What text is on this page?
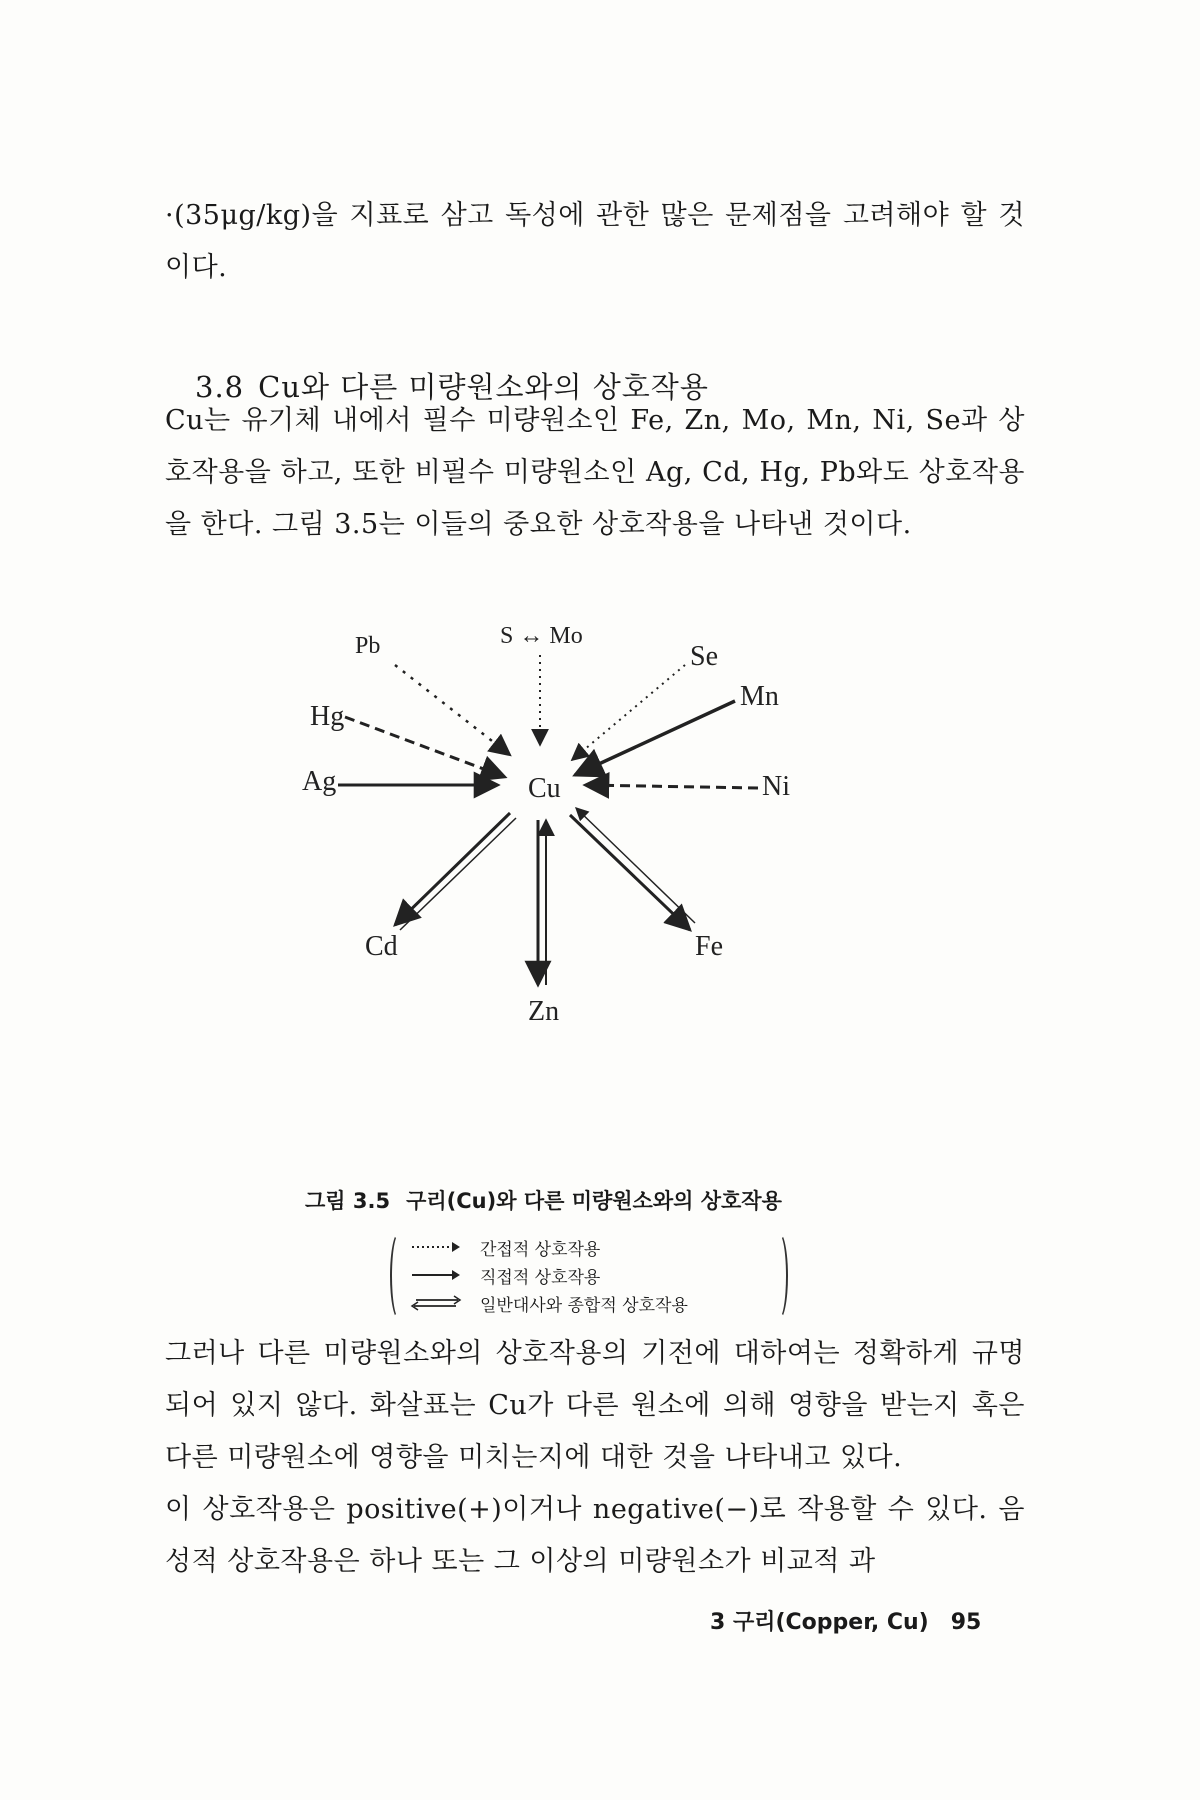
·(35μg/kg)을 지표로 삼고 독성에 관한 많은 문제점을 고려해야 할 것이다.
3.8 Cu와 다른 미량원소와의 상호작용
Cu는 유기체 내에서 필수 미량원소인 Fe, Zn, Mo, Mn, Ni, Se과 상호작용을 하고, 또한 비필수 미량원소인 Ag, Cd, Hg, Pb와도 상호작용을 한다. 그림 3.5는 이들의 중요한 상호작용을 나타낸 것이다.
Cu
S ↔ Mo
Pb	Se
Hg
Mn
Ag	Ni
Cd
Zn
Fe
그림 3.5 구리(Cu)와 다른 미량원소와의 상호작용
간접적 상호작용
직접적 상호작용
일반대사와 종합적 상호작용
그러나 다른 미량원소와의 상호작용의 기전에 대하여는 정확하게 규명되어 있지 않다. 화살표는 Cu가 다른 원소에 의해 영향을 받는지 혹은 다른 미량원소에 영향을 미치는지에 대한 것을 나타내고 있다.
이 상호작용은 positive(+)이거나 negative(−)로 작용할 수 있다. 음성적 상호작용은 하나 또는 그 이상의 미량원소가 비교적 과
3 구리(Copper, Cu) 95
